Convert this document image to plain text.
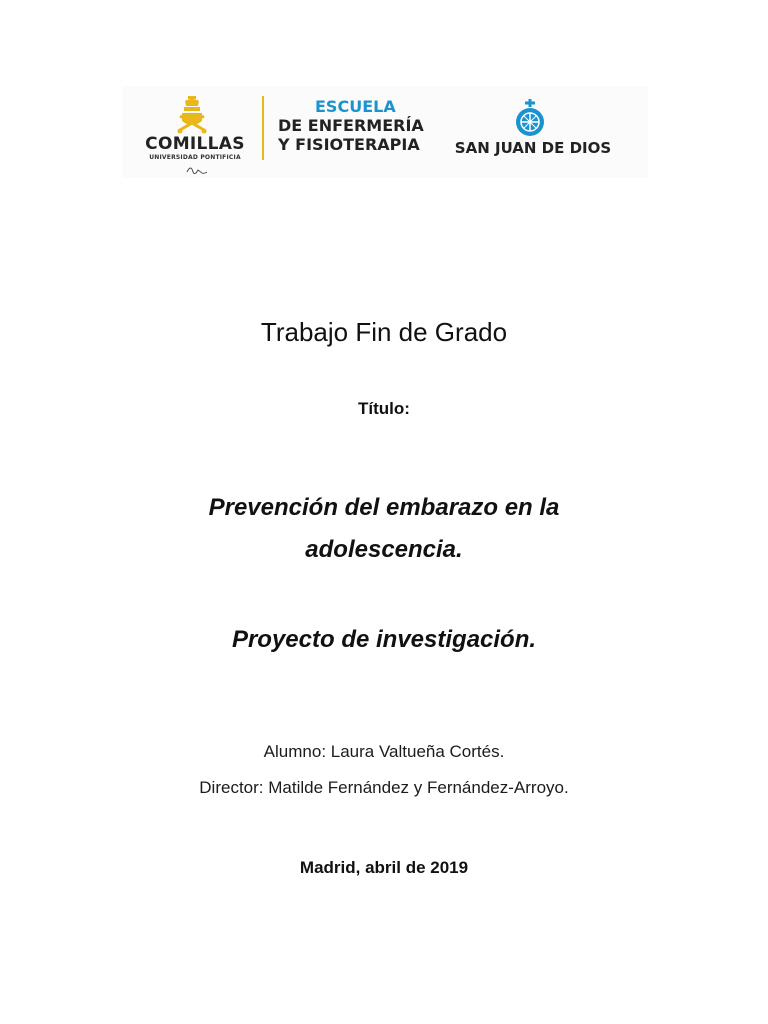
COMILLAS
UNIVERSIDAD PONTIFICIA
ESCUELA
DE ENFERMERÍA
Y FISIOTERAPIA	SAN JUAN DE DIOS
Trabajo Fin de Grado
Título:
Prevención del embarazo en la
adolescencia.
Proyecto de investigación.
Alumno: Laura Valtueña Cortés.
Director: Matilde Fernández y Fernández-Arroyo.
Madrid, abril de 2019
